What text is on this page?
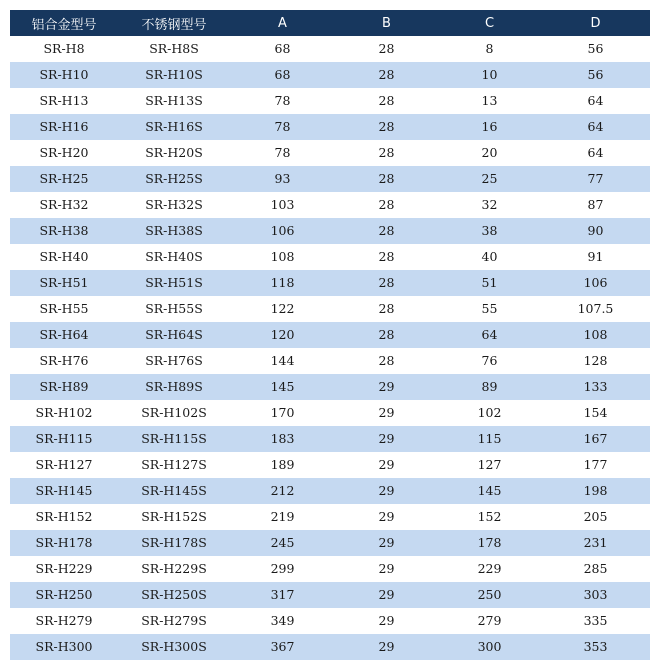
铝合金型号	不锈钢型号	A	B	C	D
SR-H8	SR-H8S	68	28	8	56
SR-H10	SR-H10S	68	28	10	56
SR-H13	SR-H13S	78	28	13	64
SR-H16	SR-H16S	78	28	16	64
SR-H20	SR-H20S	78	28	20	64
SR-H25	SR-H25S	93	28	25	77
SR-H32	SR-H32S	103	28	32	87
SR-H38	SR-H38S	106	28	38	90
SR-H40	SR-H40S	108	28	40	91
SR-H51	SR-H51S	118	28	51	106
SR-H55	SR-H55S	122	28	55	107.5
SR-H64	SR-H64S	120	28	64	108
SR-H76	SR-H76S	144	28	76	128
SR-H89	SR-H89S	145	29	89	133
SR-H102	SR-H102S	170	29	102	154
SR-H115	SR-H115S	183	29	115	167
SR-H127	SR-H127S	189	29	127	177
SR-H145	SR-H145S	212	29	145	198
SR-H152	SR-H152S	219	29	152	205
SR-H178	SR-H178S	245	29	178	231
SR-H229	SR-H229S	299	29	229	285
SR-H250	SR-H250S	317	29	250	303
SR-H279	SR-H279S	349	29	279	335
SR-H300	SR-H300S	367	29	300	353
